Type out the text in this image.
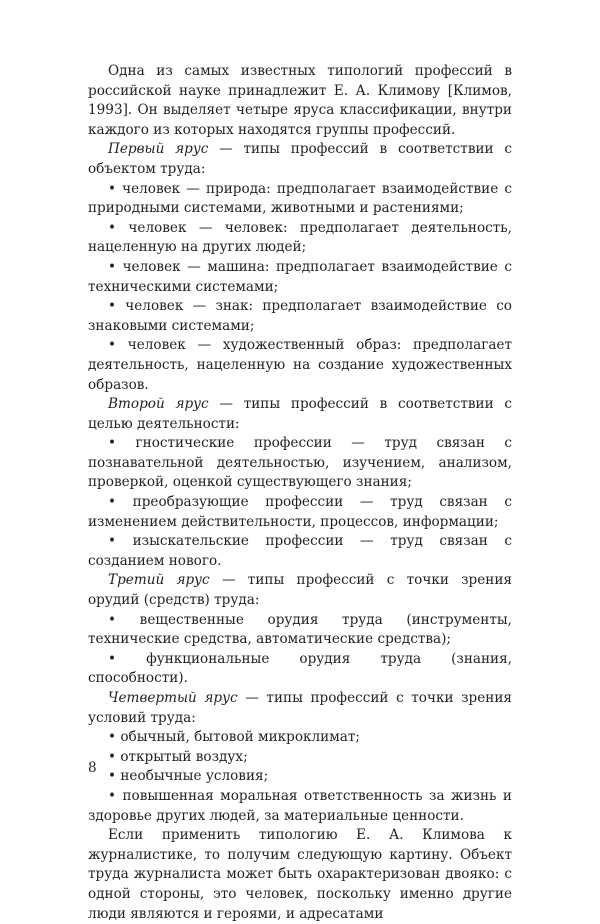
Одна из самых известных типологий профессий в российской науке принадлежит Е. А. Климову [Климов, 1993]. Он выделяет четыре яруса классификации, внутри каждого из которых находятся группы профессий.

Первый ярус — типы профессий в соответствии с объектом труда:

• человек — природа: предполагает взаимодействие с природными системами, животными и растениями;

• человек — человек: предполагает деятельность, нацеленную на других людей;

• человек — машина: предполагает взаимодействие с техническими системами;

• человек — знак: предполагает взаимодействие со знаковыми системами;

• человек — художественный образ: предполагает деятельность, нацеленную на создание художественных образов.

Второй ярус — типы профессий в соответствии с целью деятельности:

• гностические профессии — труд связан с познавательной деятельностью, изучением, анализом, проверкой, оценкой существующего знания;

• преобразующие профессии — труд связан с изменением действительности, процессов, информации;

• изыскательские профессии — труд связан с созданием нового.

Третий ярус — типы профессий с точки зрения орудий (средств) труда:

• вещественные орудия труда (инструменты, технические средства, автоматические средства);

• функциональные орудия труда (знания, способности).

Четвертый ярус — типы профессий с точки зрения условий труда:

• обычный, бытовой микроклимат;

• открытый воздух;

• необычные условия;

• повышенная моральная ответственность за жизнь и здоровье других людей, за материальные ценности.

Если применить типологию Е. А. Климова к журналистике, то получим следующую картину. Объект труда журналиста может быть охарактеризован двояко: с одной стороны, это человек, поскольку именно другие люди являются и героями, и адресатами

8
